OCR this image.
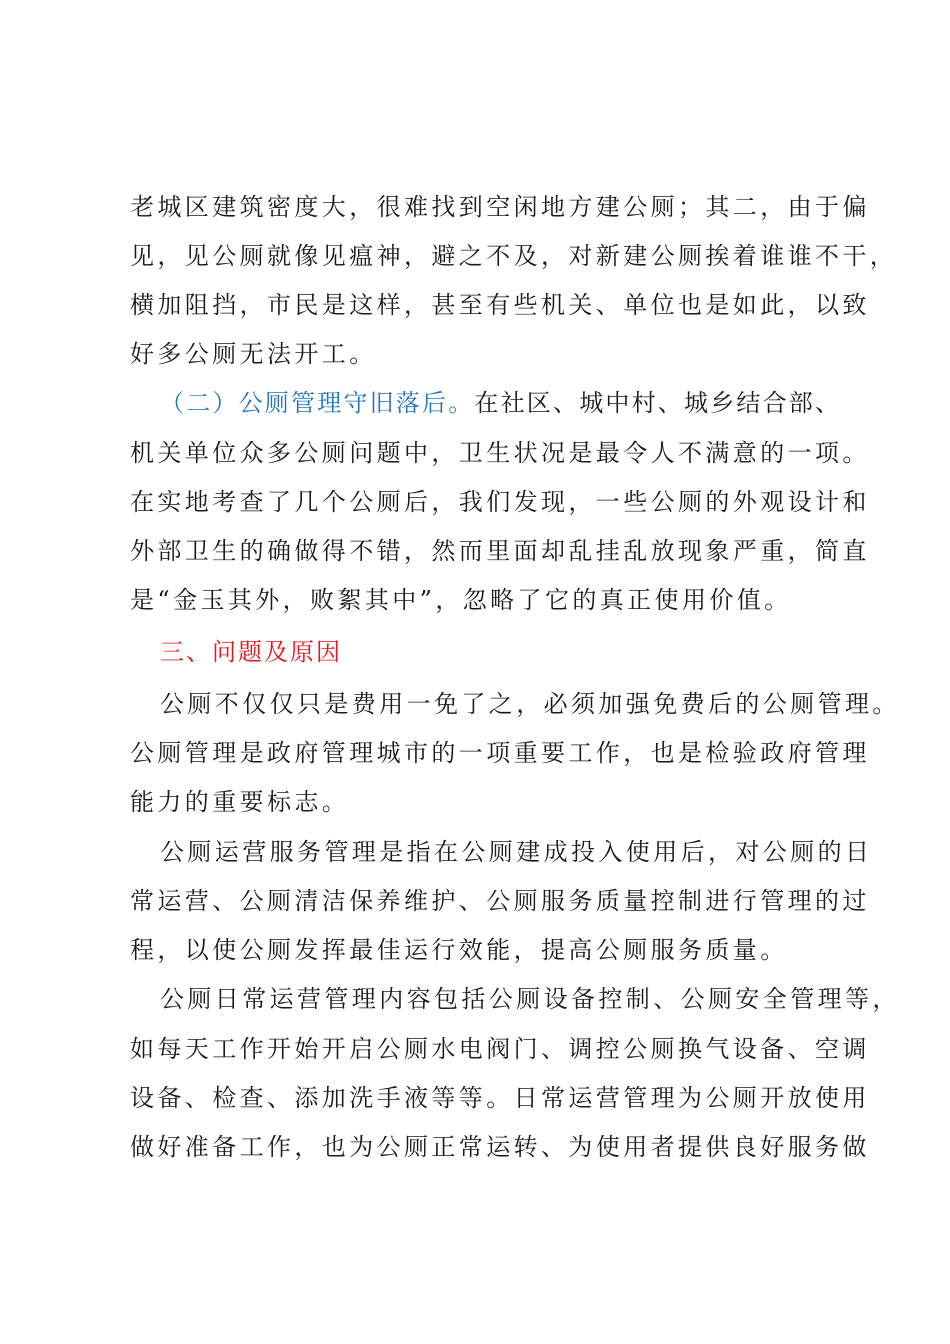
老城区建筑密度大，很难找到空闲地方建公厕；其二，由于偏
见，见公厕就像见瘟神，避之不及，对新建公厕挨着谁谁不干，
横加阻挡，市民是这样，甚至有些机关、单位也是如此，以致
好多公厕无法开工。
（二）公厕管理守旧落后。在社区、城中村、城乡结合部、
机关单位众多公厕问题中，卫生状况是最令人不满意的一项。
在实地考查了几个公厕后，我们发现，一些公厕的外观设计和
外部卫生的确做得不错，然而里面却乱挂乱放现象严重，简直
是“金玉其外，败絮其中”，忽略了它的真正使用价值。
三、问题及原因
公厕不仅仅只是费用一免了之，必须加强免费后的公厕管理。
公厕管理是政府管理城市的一项重要工作，也是检验政府管理
能力的重要标志。
公厕运营服务管理是指在公厕建成投入使用后，对公厕的日
常运营、公厕清洁保养维护、公厕服务质量控制进行管理的过
程，以使公厕发挥最佳运行效能，提高公厕服务质量。
公厕日常运营管理内容包括公厕设备控制、公厕安全管理等，
如每天工作开始开启公厕水电阀门、调控公厕换气设备、空调
设备、检查、添加洗手液等等。日常运营管理为公厕开放使用
做好准备工作，也为公厕正常运转、为使用者提供良好服务做
